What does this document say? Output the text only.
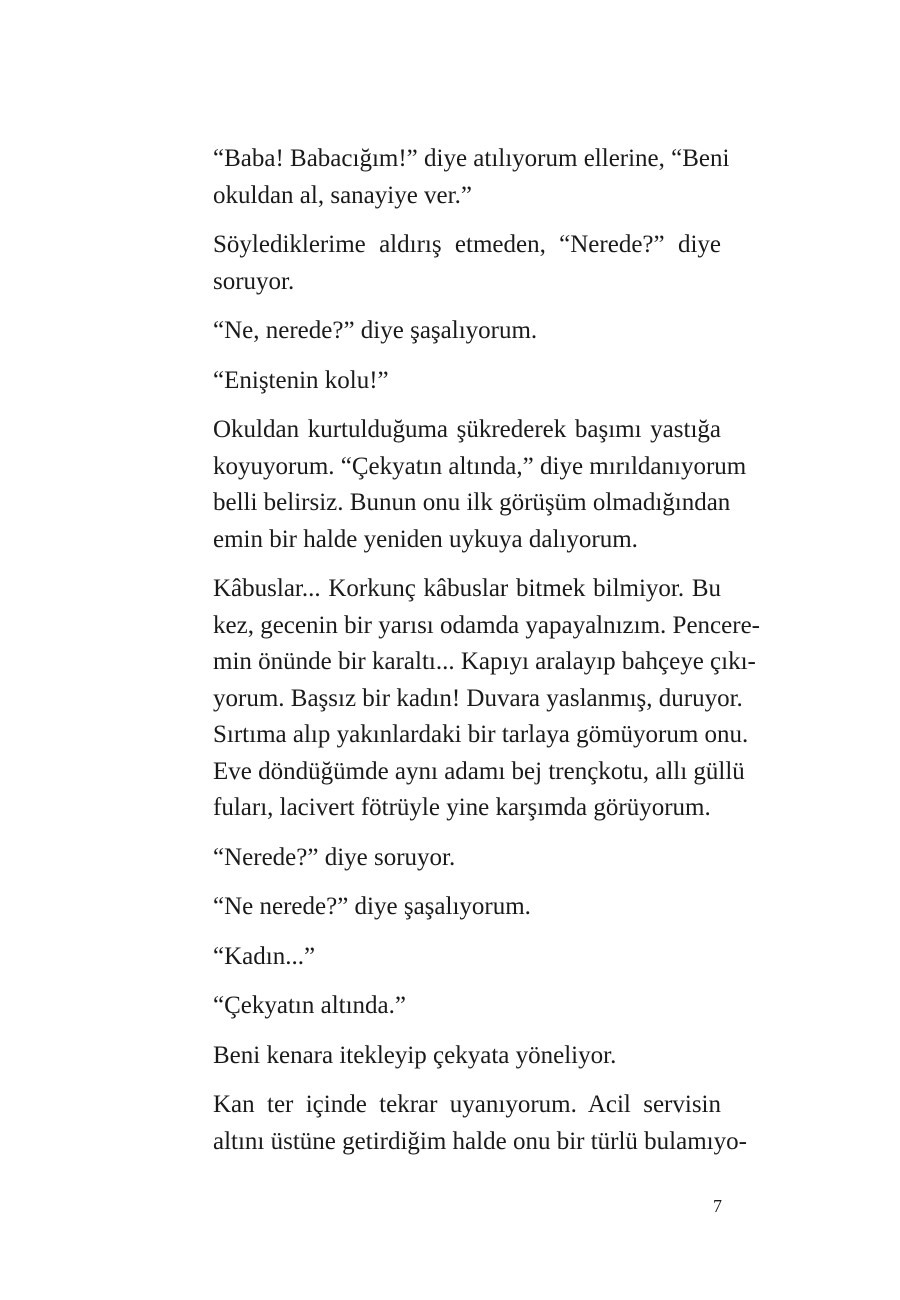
“Baba! Babacığım!” diye atılıyorum ellerine, “Beni
okuldan al, sanayiye ver.”

Söylediklerime aldırış etmeden, “Nerede?” diye
soruyor.

“Ne, nerede?” diye şaşalıyorum.

“Eniştenin kolu!”

Okuldan kurtulduğuma şükrederek başımı yastığa
koyuyorum. “Çekyatın altında,” diye mırıldanıyorum
belli belirsiz. Bunun onu ilk görüşüm olmadığından
emin bir halde yeniden uykuya dalıyorum.

Kâbuslar... Korkunç kâbuslar bitmek bilmiyor. Bu
kez, gecenin bir yarısı odamda yapayalnızım. Pencere-
min önünde bir karaltı... Kapıyı aralayıp bahçeye çıkı-
yorum. Başsız bir kadın! Duvara yaslanmış, duruyor.
Sırtıma alıp yakınlardaki bir tarlaya gömüyorum onu.
Eve döndüğümde aynı adamı bej trençkotu, allı güllü
fuları, lacivert fötrüyle yine karşımda görüyorum.

“Nerede?” diye soruyor.

“Ne nerede?” diye şaşalıyorum.

“Kadın...”

“Çekyatın altında.”

Beni kenara itekleyip çekyata yöneliyor.

Kan ter içinde tekrar uyanıyorum. Acil servisin
altını üstüne getirdiğim halde onu bir türlü bulamıyo-

7
